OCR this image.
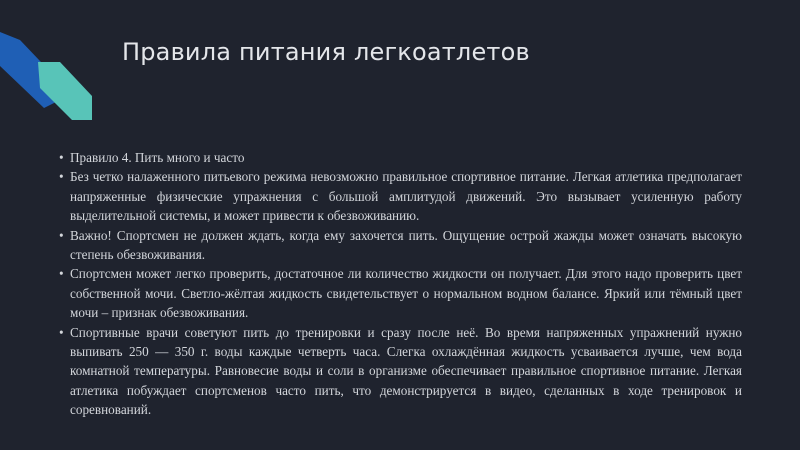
Правила питания легкоатлетов
• Правило 4. Пить много и часто
• Без четко налаженного питьевого режима невозможно правильное спортивное питание. Легкая атлетика предполагает напряженные физические упражнения с большой амплитудой движений. Это вызывает усиленную работу выделительной системы, и может привести к обезвоживанию.
• Важно! Спортсмен не должен ждать, когда ему захочется пить. Ощущение острой жажды может означать высокую степень обезвоживания.
• Спортсмен может легко проверить, достаточное ли количество жидкости он получает. Для этого надо проверить цвет собственной мочи. Светло-жёлтая жидкость свидетельствует о нормальном водном балансе. Яркий или тёмный цвет мочи – признак обезвоживания.
• Спортивные врачи советуют пить до тренировки и сразу после неё. Во время напряженных упражнений нужно выпивать 250 — 350 г. воды каждые четверть часа. Слегка охлаждённая жидкость усваивается лучше, чем вода комнатной температуры. Равновесие воды и соли в организме обеспечивает правильное спортивное питание. Легкая атлетика побуждает спортсменов часто пить, что демонстрируется в видео, сделанных в ходе тренировок и соревнований.
